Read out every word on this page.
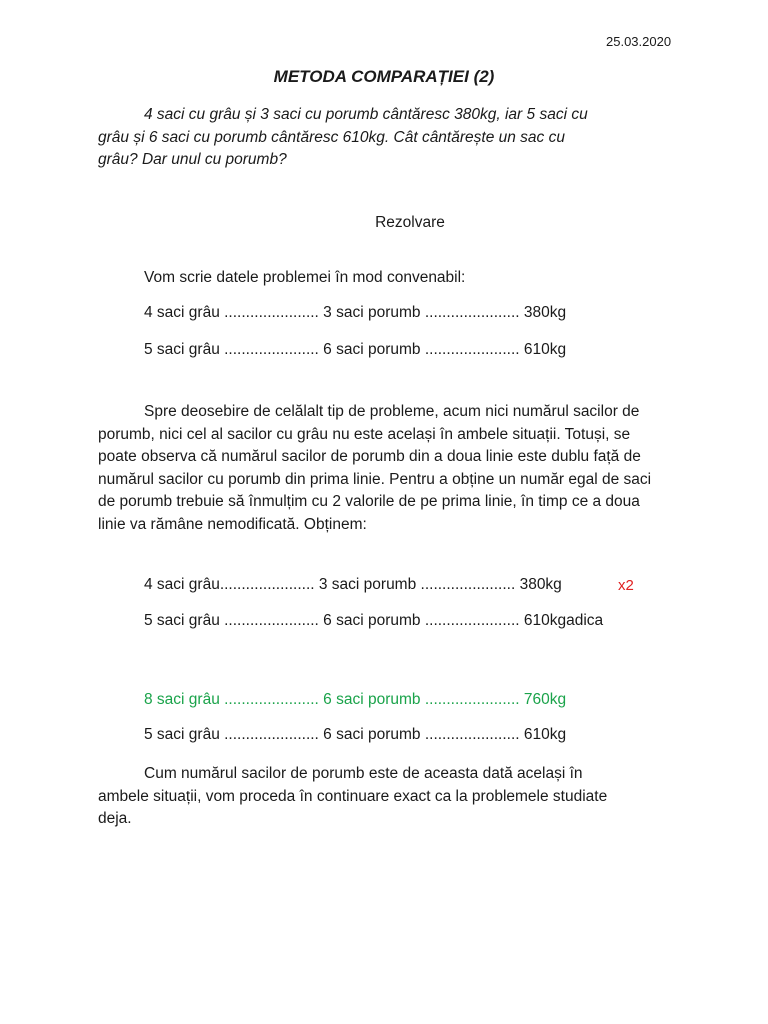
25.03.2020
METODA COMPARAȚIEI (2)

4 saci cu grâu și 3 saci cu porumb cântăresc 380kg, iar 5 saci cu grâu și 6 saci cu porumb cântăresc 610kg. Cât cântărește un sac cu grâu? Dar unul cu porumb?

Rezolvare
Vom scrie datele problemei în mod convenabil:
4 saci grâu ...................... 3 saci porumb ...................... 380kg
5 saci grâu ...................... 6 saci porumb ...................... 610kg

Spre deosebire de celălalt tip de probleme, acum nici numărul sacilor de porumb, nici cel al sacilor cu grâu nu este același în ambele situații. Totuși, se poate observa că numărul sacilor de porumb din a doua linie este dublu față de numărul sacilor cu porumb din prima linie. Pentru a obține un număr egal de saci de porumb trebuie să înmulțim cu 2 valorile de pe prima linie, în timp ce a doua linie va rămâne nemodificată. Obținem:

4 saci grâu...................... 3 saci porumb ...................... 380kg	x2
5 saci grâu ...................... 6 saci porumb ...................... 610kgadica
8 saci grâu ...................... 6 saci porumb ...................... 760kg
5 saci grâu ...................... 6 saci porumb ...................... 610kg

Cum numărul sacilor de porumb este de aceasta dată același în ambele situații, vom proceda în continuare exact ca la problemele studiate deja.
